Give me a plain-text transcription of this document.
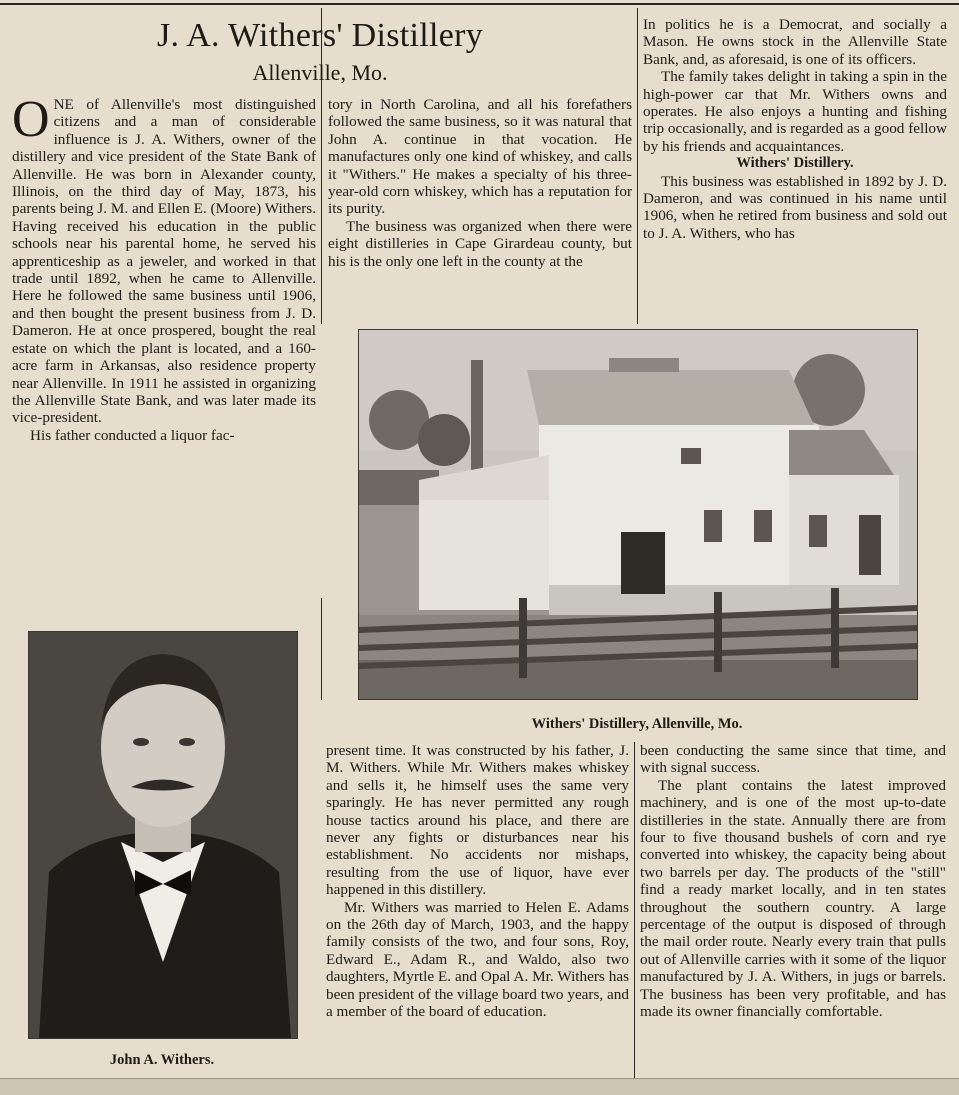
J. A. Withers' Distillery
Allenville, Mo.

ONE of Allenville's most distinguished citizens and a man of considerable influence is J. A. Withers, owner of the distillery and vice president of the State Bank of Allenville. He was born in Alexander county, Illinois, on the third day of May, 1873, his parents being J. M. and Ellen E. (Moore) Withers. Having received his education in the public schools near his parental home, he served his apprenticeship as a jeweler, and worked in that trade until 1892, when he came to Allenville. Here he followed the same business until 1906, and then bought the present business from J. D. Dameron. He at once prospered, bought the real estate on which the plant is located, and a 160-acre farm in Arkansas, also residence property near Allenville. In 1911 he assisted in organizing the Allenville State Bank, and was later made its vice-president.

His father conducted a liquor fac-

tory in North Carolina, and all his forefathers followed the same business, so it was natural that John A. continue in that vocation. He manufactures only one kind of whiskey, and calls it "Withers." He makes a specialty of his three-year-old corn whiskey, which has a reputation for its purity.

The business was organized when there were eight distilleries in Cape Girardeau county, but his is the only one left in the county at the

In politics he is a Democrat, and socially a Mason. He owns stock in the Allenville State Bank, and, as aforesaid, is one of its officers.

The family takes delight in taking a spin in the high-power car that Mr. Withers owns and operates. He also enjoys a hunting and fishing trip occasionally, and is regarded as a good fellow by his friends and acquaintances.

Withers' Distillery.

This business was established in 1892 by J. D. Dameron, and was continued in his name until 1906, when he retired from business and sold out to J. A. Withers, who has

Withers' Distillery, Allenville, Mo.
John A. Withers.

present time. It was constructed by his father, J. M. Withers. While Mr. Withers makes whiskey and sells it, he himself uses the same very sparingly. He has never permitted any rough house tactics around his place, and there are never any fights or disturbances near his establishment. No accidents nor mishaps, resulting from the use of liquor, have ever happened in this distillery.

Mr. Withers was married to Helen E. Adams on the 26th day of March, 1903, and the happy family consists of the two, and four sons, Roy, Edward E., Adam R., and Waldo, also two daughters, Myrtle E. and Opal A. Mr. Withers has been president of the village board two years, and a member of the board of education.

been conducting the same since that time, and with signal success.

The plant contains the latest improved machinery, and is one of the most up-to-date distilleries in the state. Annually there are from four to five thousand bushels of corn and rye converted into whiskey, the capacity being about two barrels per day. The products of the "still" find a ready market locally, and in ten states throughout the southern country. A large percentage of the output is disposed of through the mail order route. Nearly every train that pulls out of Allenville carries with it some of the liquor manufactured by J. A. Withers, in jugs or barrels. The business has been very profitable, and has made its owner financially comfortable.
